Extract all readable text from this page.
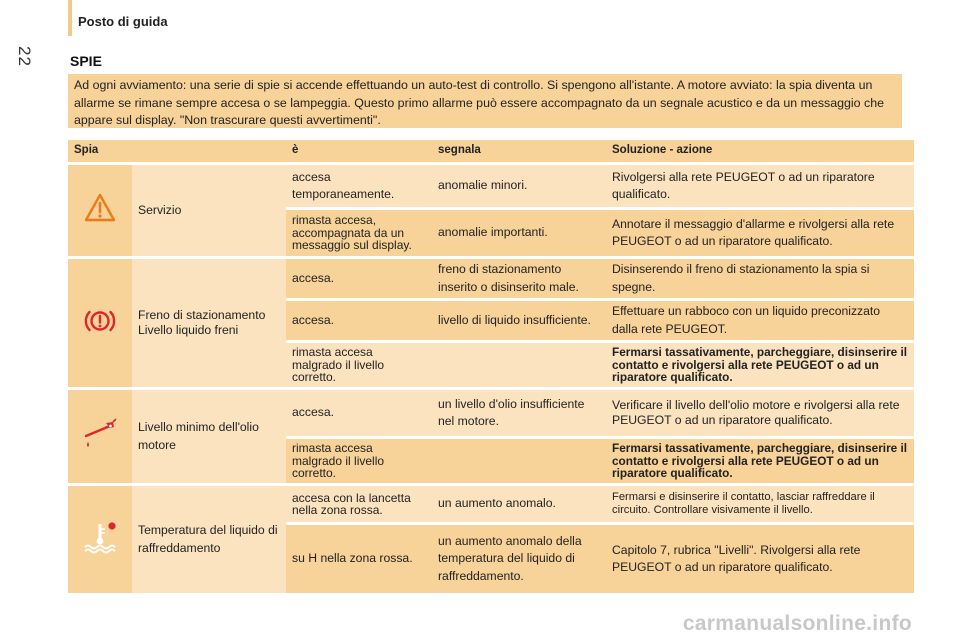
Posto di guida
22	SPIE
Ad ogni avviamento: una serie di spie si accende effettuando un auto-test di controllo. Si spengono all'istante. A motore avviato: la spia diventa un allarme se rimane sempre accesa o se lampeggia. Questo primo allarme può essere accompagnato da un segnale acustico e da un messaggio che appare sul display. "Non trascurare questi avvertimenti".
Spia		è	segnala	Soluzione - azione
	Servizio	accesa temporaneamente.	anomalie minori.	Rivolgersi alla rete PEUGEOT o ad un riparatore qualificato.
		rimasta accesa, accompagnata da un messaggio sul display.	anomalie importanti.	Annotare il messaggio d'allarme e rivolgersi alla rete PEUGEOT o ad un riparatore qualificato.
	Freno di stazionamento Livello liquido freni	accesa.	freno di stazionamento inserito o disinserito male.	Disinserendo il freno di stazionamento la spia si spegne.
		accesa.	livello di liquido insufficiente.	Effettuare un rabboco con un liquido preconizzato dalla rete PEUGEOT.
		rimasta accesa malgrado il livello corretto.		Fermarsi tassativamente, parcheggiare, disinserire il contatto e rivolgersi alla rete PEUGEOT o ad un riparatore qualificato.
	Livello minimo dell'olio motore	accesa.	un livello d'olio insufficiente nel motore.	Verificare il livello dell'olio motore e rivolgersi alla rete PEUGEOT o ad un riparatore qualificato.
		rimasta accesa malgrado il livello corretto.		Fermarsi tassativamente, parcheggiare, disinserire il contatto e rivolgersi alla rete PEUGEOT o ad un riparatore qualificato.
	Temperatura del liquido di raffreddamento	accesa con la lancetta nella zona rossa.	un aumento anomalo.	Fermarsi e disinserire il contatto, lasciar raffreddare il circuito. Controllare visivamente il livello.
		su H nella zona rossa.	un aumento anomalo della temperatura del liquido di raffreddamento.	Capitolo 7, rubrica "Livelli". Rivolgersi alla rete PEUGEOT o ad un riparatore qualificato.
carmanualsonline.info
